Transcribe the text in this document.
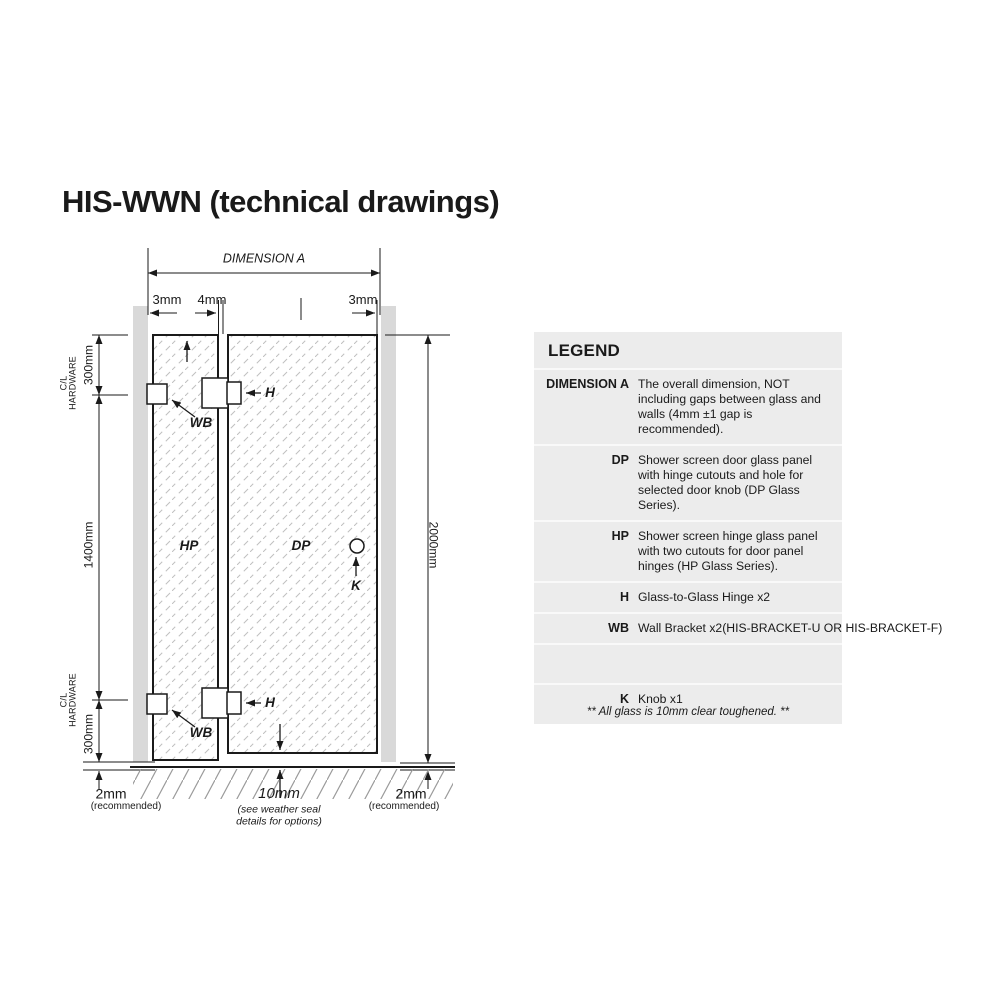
HIS-WWN (technical drawings)
DIMENSION A
3mm 4mm	3mm
C/L HARDWARE 300mm
1400mm
C/L HARDWARE
300mm
2000mm
HP	DP
H
H
WB
WB
K
2mm
(recommended)
10mm
(see weather seal
details for options)
2mm
(recommended)
LEGEND
DIMENSION A The overall dimension, NOT including gaps between glass and walls (4mm ±1 gap is recommended).
DP Shower screen door glass panel with hinge cutouts and hole for selected door knob (DP Glass Series).
HP Shower screen hinge glass panel with two cutouts for door panel hinges (HP Glass Series).
H Glass-to-Glass Hinge x2
WB Wall Bracket x2(HIS-BRACKET-U OR HIS-BRACKET-F)
K Knob x1
** All glass is 10mm clear toughened. **
